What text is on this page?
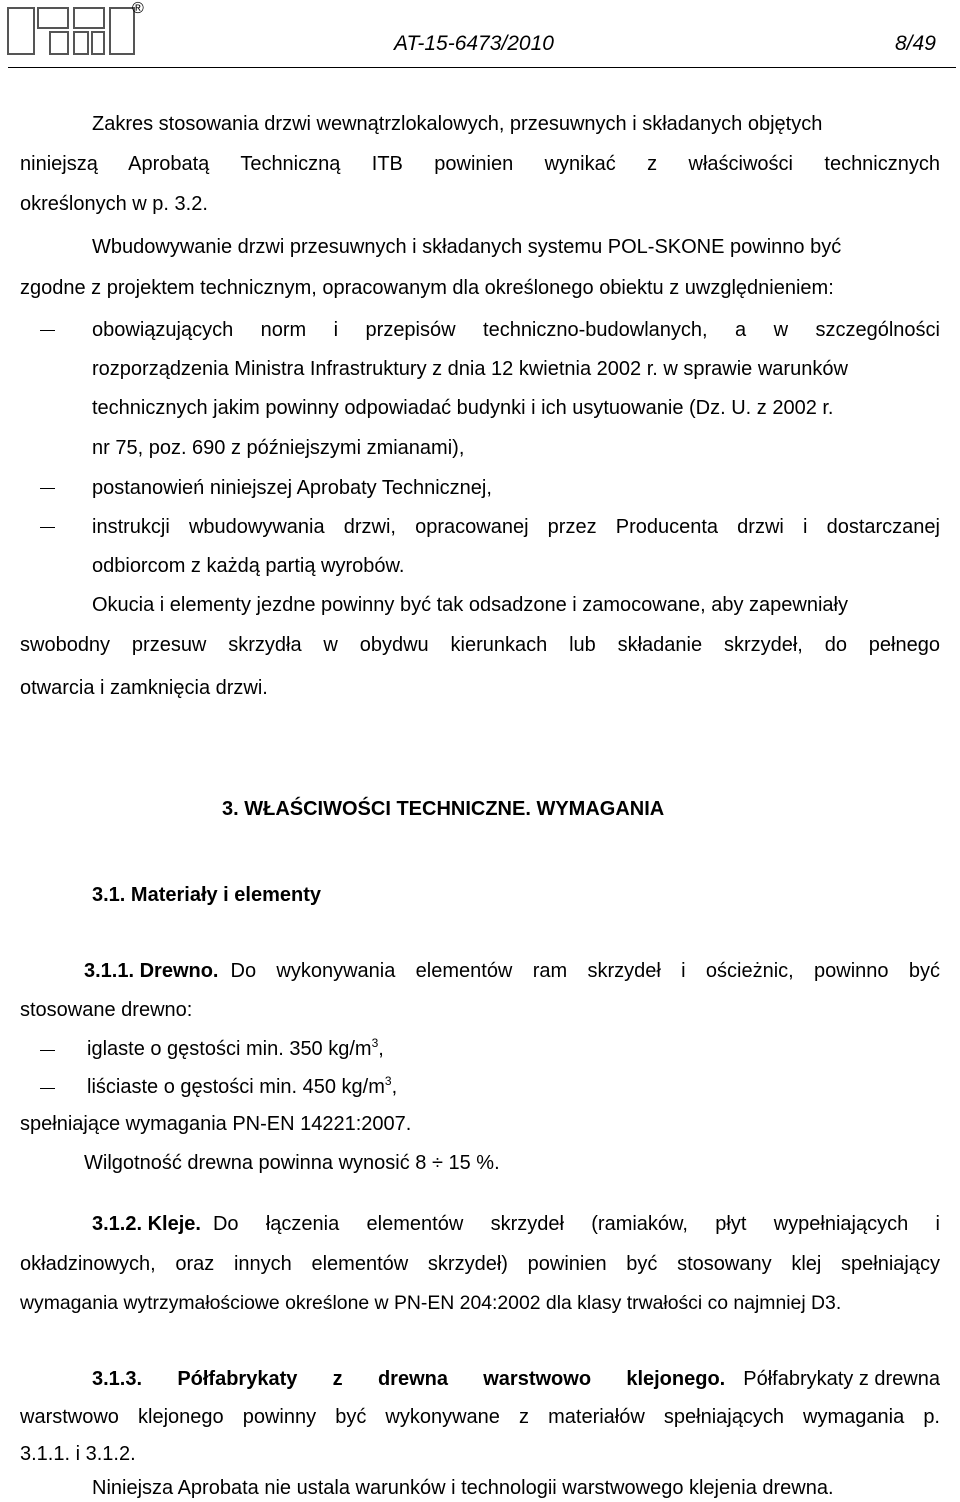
®
AT-15-6473/2010	8/49
Zakres stosowania drzwi wewnątrzlokalowych, przesuwnych i składanych objętych
niniejszą Aprobatą Techniczną ITB powinien wynikać z właściwości technicznych
określonych w p. 3.2.
Wbudowywanie drzwi przesuwnych i składanych systemu POL-SKONE powinno być
zgodne z projektem technicznym, opracowanym dla określonego obiektu z uwzględnieniem:
obowiązujących norm i przepisów techniczno-budowlanych, a w szczególności
rozporządzenia Ministra Infrastruktury z dnia 12 kwietnia 2002 r. w sprawie warunków
technicznych jakim powinny odpowiadać budynki i ich usytuowanie (Dz. U. z 2002 r.
nr 75, poz. 690 z późniejszymi zmianami),
postanowień niniejszej Aprobaty Technicznej,
instrukcji wbudowywania drzwi, opracowanej przez Producenta drzwi i dostarczanej
odbiorcom z każdą partią wyrobów.
Okucia i elementy jezdne powinny być tak odsadzone i zamocowane, aby zapewniały
swobodny przesuw skrzydła w obydwu kierunkach lub składanie skrzydeł, do pełnego
otwarcia i zamknięcia drzwi.
3. WŁAŚCIWOŚCI TECHNICZNE. WYMAGANIA
3.1. Materiały i elementy
3.1.1. Drewno. Do wykonywania elementów ram skrzydeł i ościeżnic, powinno być
stosowane drewno:
iglaste o gęstości min. 350 $kg/m^3$,
liściaste o gęstości min. 450 $kg/m^3$,
spełniające wymagania PN-EN 14221:2007.
Wilgotność drewna powinna wynosić 8 ÷ 15 %.
3.1.2. Kleje. Do łączenia elementów skrzydeł (ramiaków, płyt wypełniających i
okładzinowych, oraz innych elementów skrzydeł) powinien być stosowany klej spełniający
wymagania wytrzymałościowe określone w PN-EN 204:2002 dla klasy trwałości co najmniej D3.
3.1.3. Półfabrykaty z drewna warstwowo klejonego. Półfabrykaty z drewna
warstwowo klejonego powinny być wykonywane z materiałów spełniających wymagania p.
3.1.1. i 3.1.2.
Niniejsza Aprobata nie ustala warunków i technologii warstwowego klejenia drewna.
